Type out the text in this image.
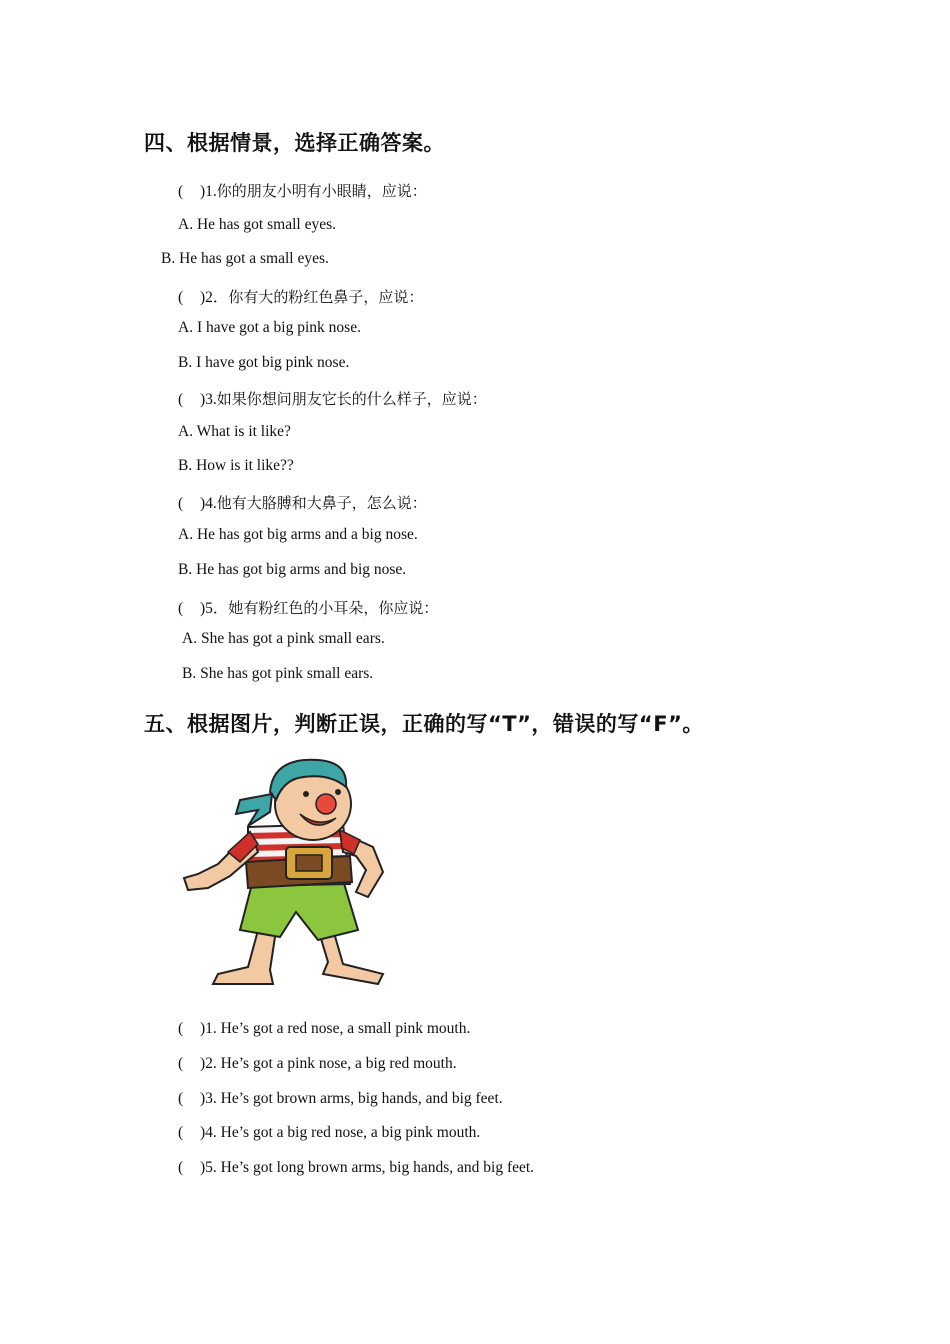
四、根据情景，选择正确答案。
( )1.你的朋友小明有小眼睛，应说：
A. He has got small eyes.
B. He has got a small eyes.
( )2．你有大的粉红色鼻子，应说：
A. I have got a big pink nose.
B. I have got big pink nose.
( )3.如果你想问朋友它长的什么样子，应说：
A. What is it like?
B. How is it like??
( )4.他有大胳膊和大鼻子，怎么说：
A. He has got big arms and a big nose.
B. He has got big arms and big nose.
( )5．她有粉红色的小耳朵，你应说：
A. She has got a pink small ears.
B. She has got pink small ears.
五、根据图片，判断正误，正确的写“T”，错误的写“F”。
( )1. He’s got a red nose, a small pink mouth.
( )2. He’s got a pink nose, a big red mouth.
( )3. He’s got brown arms, big hands, and big feet.
( )4. He’s got a big red nose, a big pink mouth.
( )5. He’s got long brown arms, big hands, and big feet.
